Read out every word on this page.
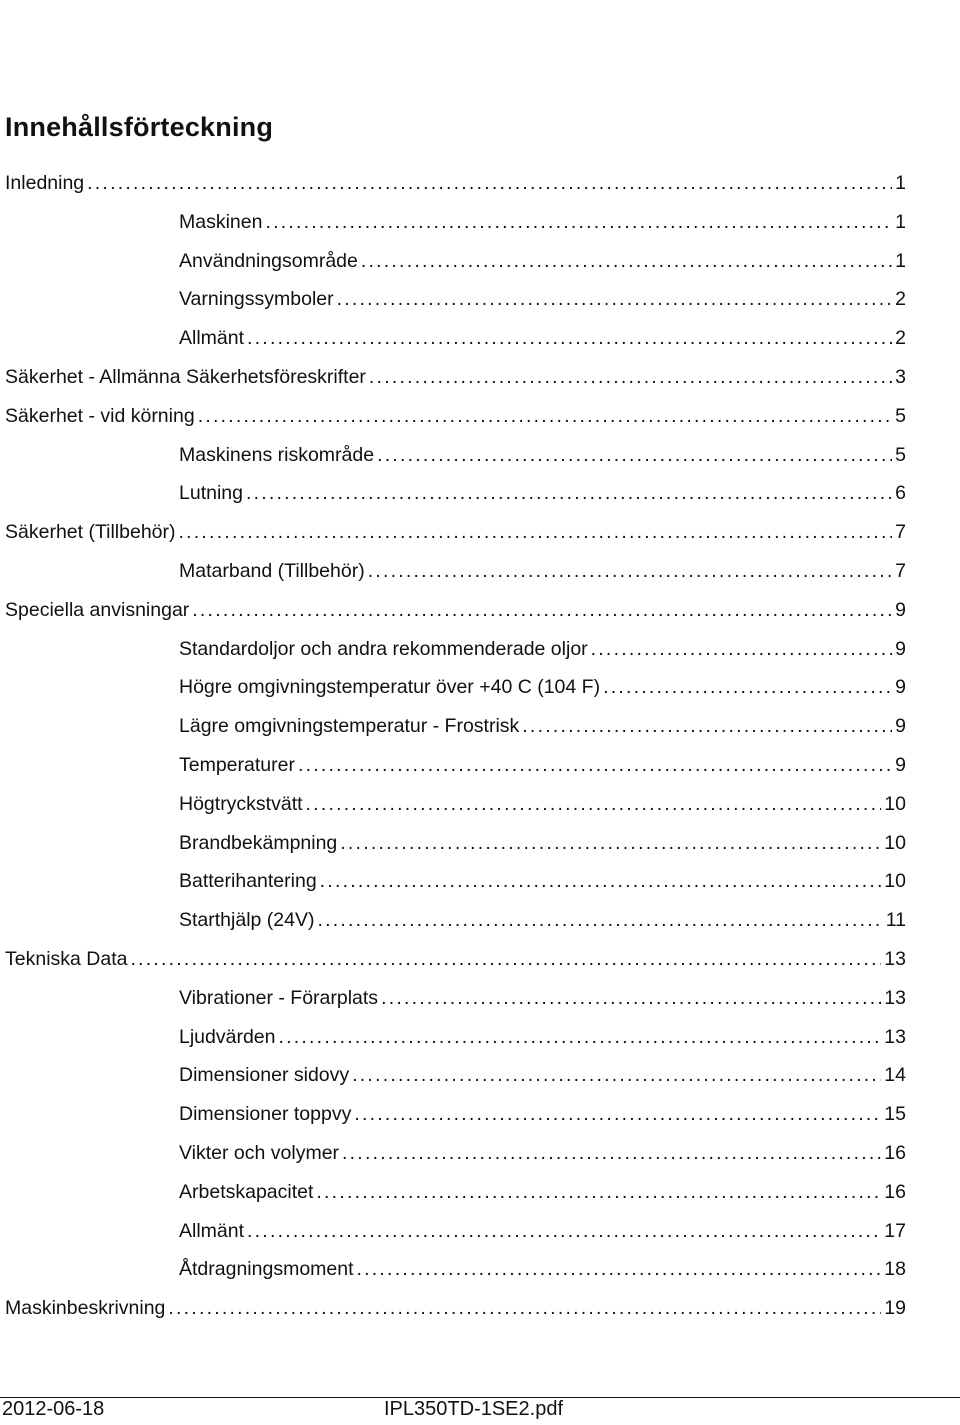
Innehållsförteckning
Inledning . . .	1
Maskinen . . .	1
Användningsområde . . .	1
Varningssymboler . . .	2
Allmänt . . .	2
Säkerhet - Allmänna Säkerhetsföreskrifter . . .	3
Säkerhet - vid körning . . .	5
Maskinens riskområde . . .	5
Lutning . . .	6
Säkerhet (Tillbehör) . . .	7
Matarband (Tillbehör) . . .	7
Speciella anvisningar . . .	9
Standardoljor och andra rekommenderade oljor . . .	9
Högre omgivningstemperatur över +40 C (104 F) . . .	9
Lägre omgivningstemperatur - Frostrisk . . .	9
Temperaturer . . .	9
Högtryckstvätt . . .	10
Brandbekämpning . . .	10
Batterihantering . . .	10
Starthjälp (24V) . . .	11
Tekniska Data . . .	13
Vibrationer - Förarplats . . .	13
Ljudvärden . . .	13
Dimensioner sidovy . . .	14
Dimensioner toppvy . . .	15
Vikter och volymer . . .	16
Arbetskapacitet . . .	16
Allmänt . . .	17
Åtdragningsmoment . . .	18
Maskinbeskrivning . . .	19
2012-06-18	IPL350TD-1SE2.pdf
